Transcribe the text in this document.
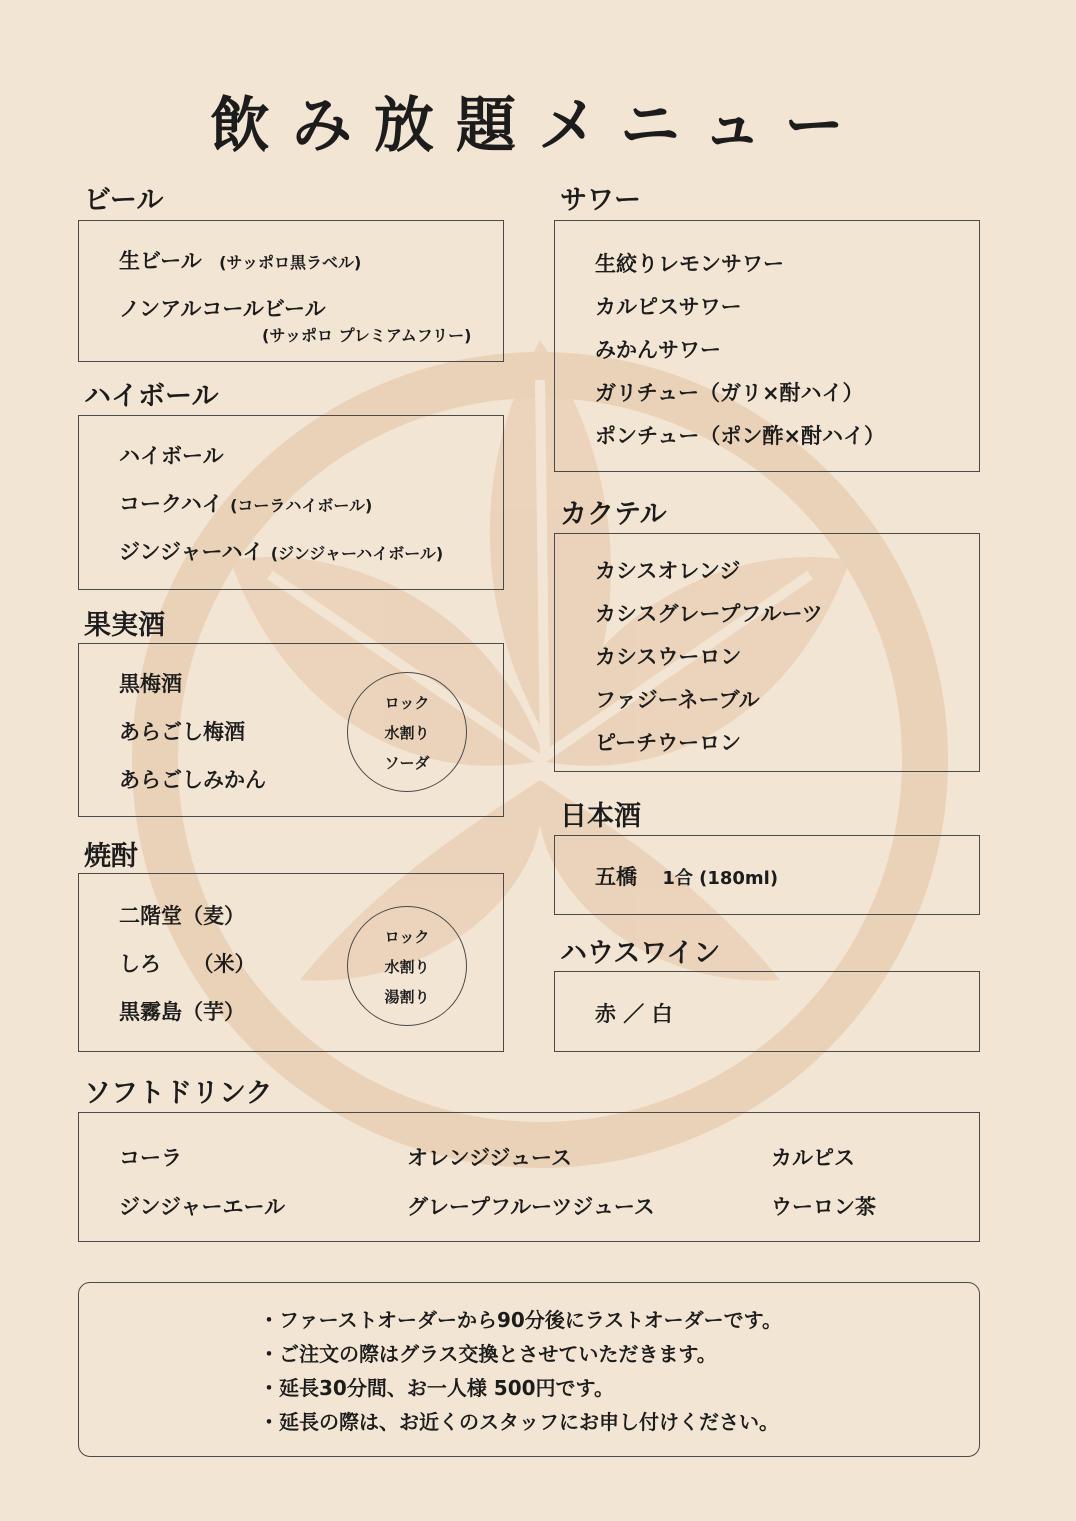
飲み放題メニュー
ビール
生ビール (サッポロ黒ラベル)
ノンアルコールビール
(サッポロ プレミアムフリー)
ハイボール
ハイボール
コークハイ (コーラハイボール)
ジンジャーハイ (ジンジャーハイボール)
果実酒
黒梅酒
あらごし梅酒
あらごしみかん
ロック
水割り
ソーダ
焼酎
二階堂（麦）
しろ　　（米）
黒霧島（芋）
ロック
水割り
湯割り
サワー
生絞りレモンサワー
カルピスサワー
みかんサワー
ガリチュー（ガリ×酎ハイ）
ポンチュー（ポン酢×酎ハイ）
カクテル
カシスオレンジ
カシスグレープフルーツ
カシスウーロン
ファジーネーブル
ピーチウーロン
日本酒
五橋 1合 (180ml)
ハウスワイン
赤 ／ 白
ソフトドリンク
コーラ
ジンジャーエール
オレンジジュース
グレープフルーツジュース
カルピス
ウーロン茶
・ファーストオーダーから90分後にラストオーダーです。
・ご注文の際はグラス交換とさせていただきます。
・延長30分間、お一人様 500円です。
・延長の際は、お近くのスタッフにお申し付けください。
